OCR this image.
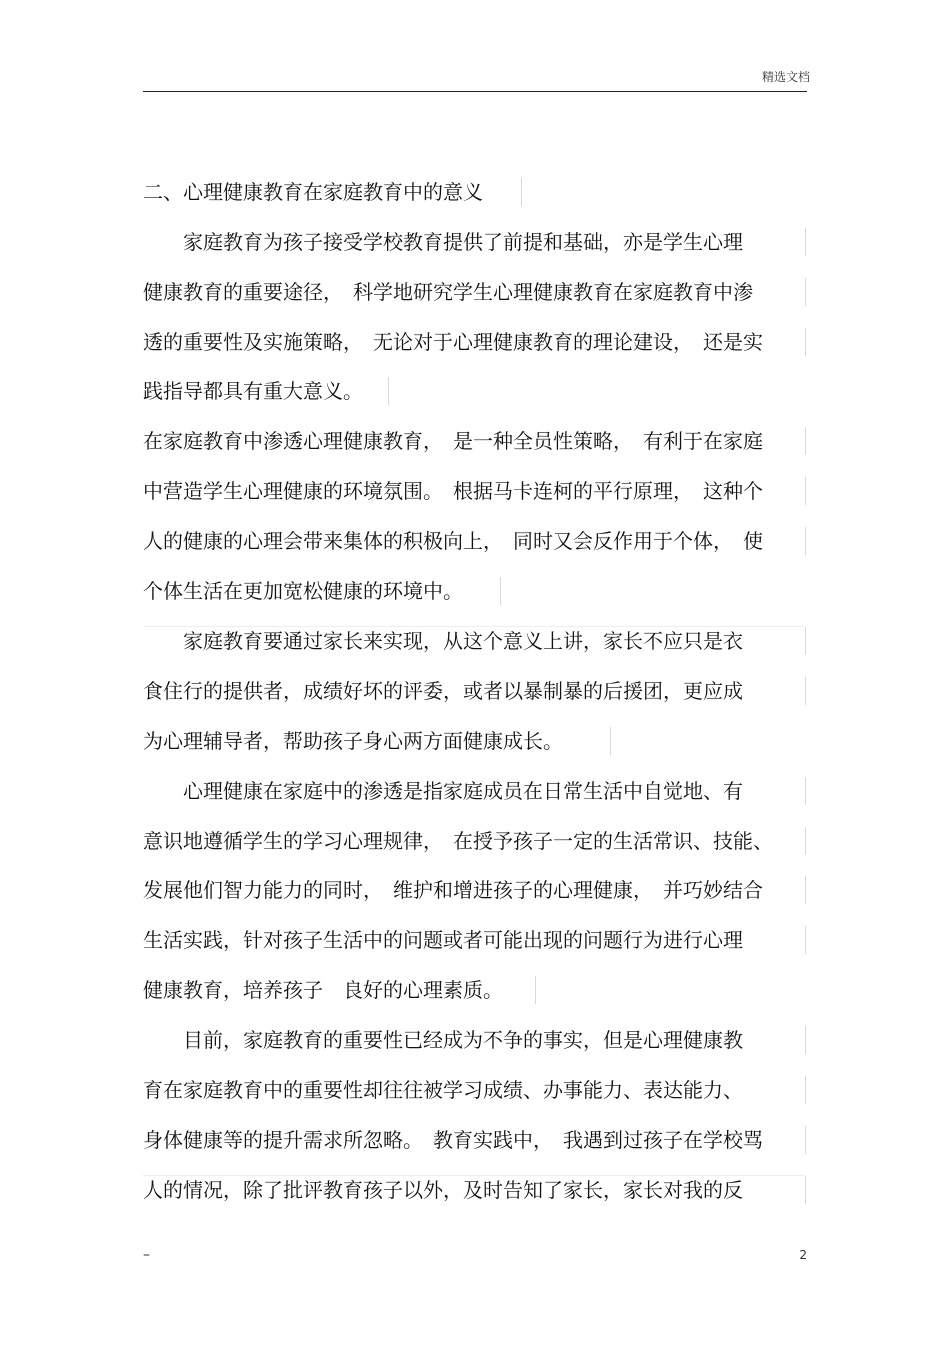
精选文档
二、心理健康教育在家庭教育中的意义
　　家庭教育为孩子接受学校教育提供了前提和基础，亦是学生心理
健康教育的重要途径，　科学地研究学生心理健康教育在家庭教育中渗
透的重要性及实施策略，　无论对于心理健康教育的理论建设，　还是实
践指导都具有重大意义。
在家庭教育中渗透心理健康教育，　是一种全员性策略，　有利于在家庭
中营造学生心理健康的环境氛围。　根据马卡连柯的平行原理，　这种个
人的健康的心理会带来集体的积极向上，　同时又会反作用于个体，　使
个体生活在更加宽松健康的环境中。
　　家庭教育要通过家长来实现，从这个意义上讲，家长不应只是衣
食住行的提供者，成绩好坏的评委，或者以暴制暴的后援团，更应成
为心理辅导者，帮助孩子身心两方面健康成长。
　　心理健康在家庭中的渗透是指家庭成员在日常生活中自觉地、有
意识地遵循学生的学习心理规律，　在授予孩子一定的生活常识、技能、
发展他们智力能力的同时，　维护和增进孩子的心理健康，　并巧妙结合
生活实践，针对孩子生活中的问题或者可能出现的问题行为进行心理
健康教育，培养孩子　良好的心理素质。
　　目前，家庭教育的重要性已经成为不争的事实，但是心理健康教
育在家庭教育中的重要性却往往被学习成绩、办事能力、表达能力、
身体健康等的提升需求所忽略。　教育实践中，　我遇到过孩子在学校骂
人的情况，除了批评教育孩子以外，及时告知了家长，家长对我的反
–	2
